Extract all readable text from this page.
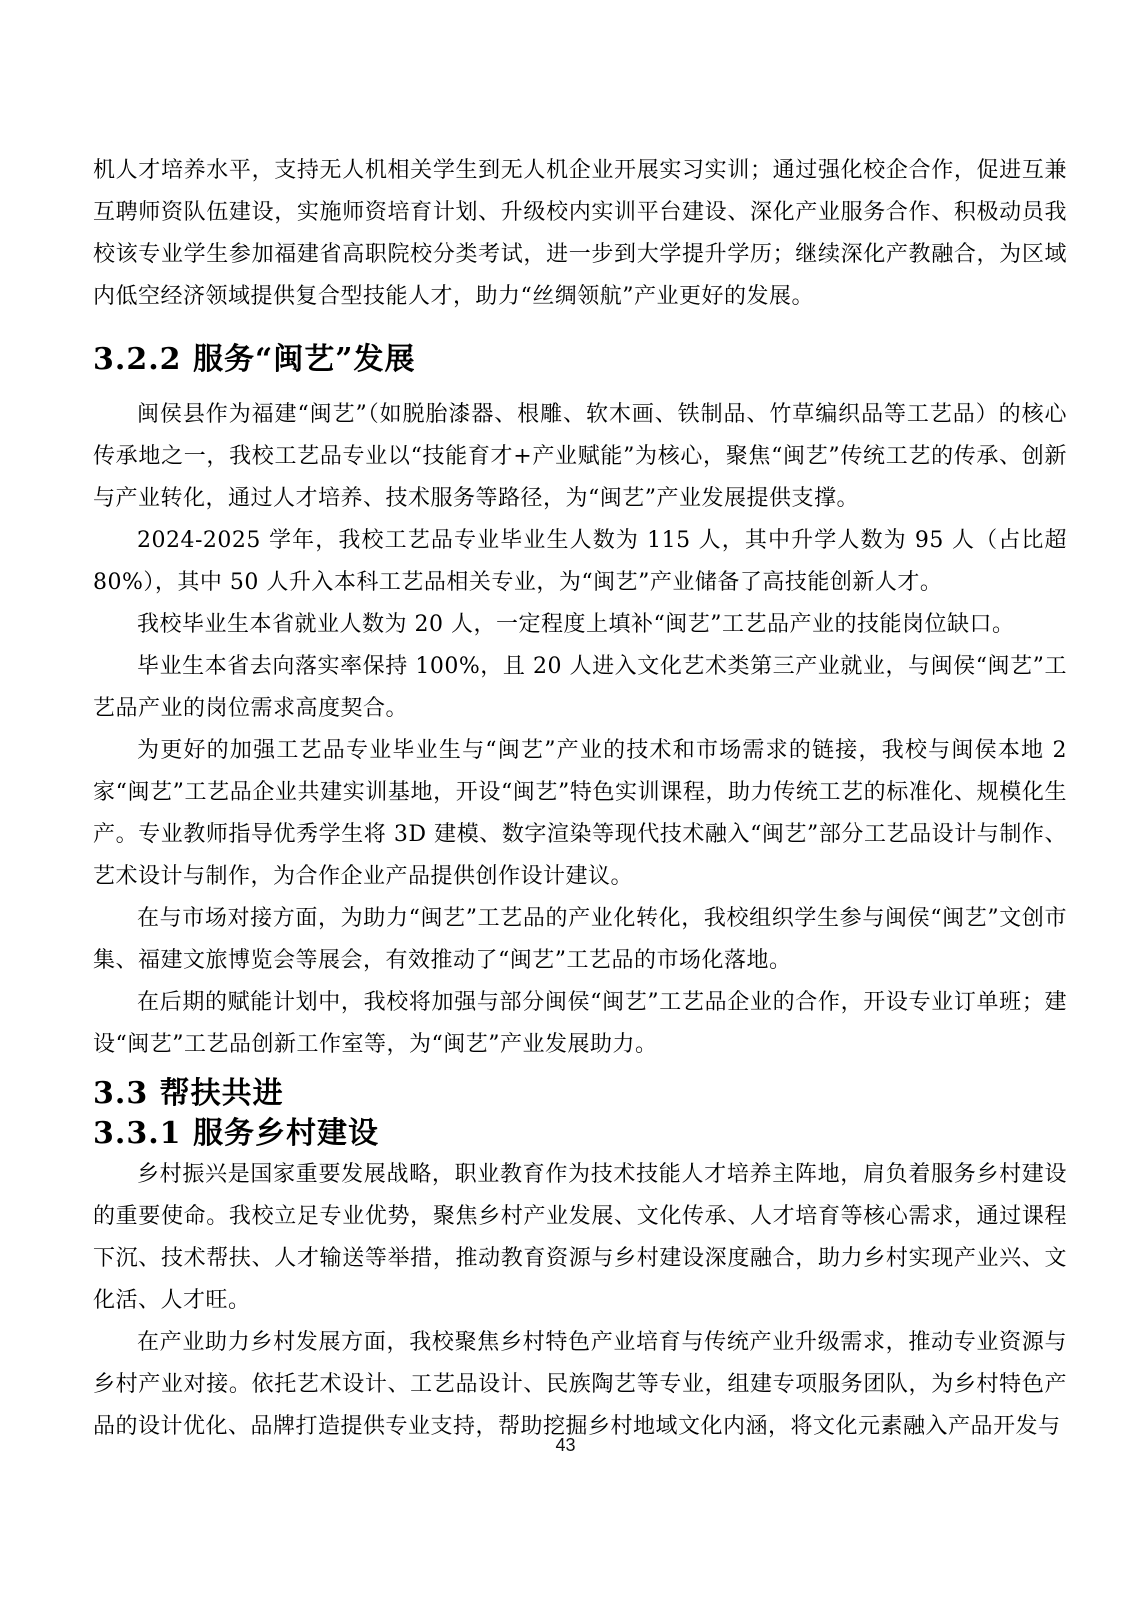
机人才培养水平，支持无人机相关学生到无人机企业开展实习实训；通过强化校企合作，促进互兼互聘师资队伍建设，实施师资培育计划、升级校内实训平台建设、深化产业服务合作、积极动员我校该专业学生参加福建省高职院校分类考试，进一步到大学提升学历；继续深化产教融合，为区域内低空经济领域提供复合型技能人才，助力“丝绸领航”产业更好的发展。

3.2.2 服务“闽艺”发展

闽侯县作为福建“闽艺”（如脱胎漆器、根雕、软木画、铁制品、竹草编织品等工艺品）的核心传承地之一，我校工艺品专业以“技能育才+产业赋能”为核心，聚焦“闽艺”传统工艺的传承、创新与产业转化，通过人才培养、技术服务等路径，为“闽艺”产业发展提供支撑。

2024-2025 学年，我校工艺品专业毕业生人数为 115 人，其中升学人数为 95 人（占比超 80%），其中 50 人升入本科工艺品相关专业，为“闽艺”产业储备了高技能创新人才。

我校毕业生本省就业人数为 20 人，一定程度上填补“闽艺”工艺品产业的技能岗位缺口。

毕业生本省去向落实率保持 100%，且 20 人进入文化艺术类第三产业就业，与闽侯“闽艺”工艺品产业的岗位需求高度契合。

为更好的加强工艺品专业毕业生与“闽艺”产业的技术和市场需求的链接，我校与闽侯本地 2 家“闽艺”工艺品企业共建实训基地，开设“闽艺”特色实训课程，助力传统工艺的标准化、规模化生产。专业教师指导优秀学生将 3D 建模、数字渲染等现代技术融入“闽艺”部分工艺品设计与制作、艺术设计与制作，为合作企业产品提供创作设计建议。

在与市场对接方面，为助力“闽艺”工艺品的产业化转化，我校组织学生参与闽侯“闽艺”文创市集、福建文旅博览会等展会，有效推动了“闽艺”工艺品的市场化落地。

在后期的赋能计划中，我校将加强与部分闽侯“闽艺”工艺品企业的合作，开设专业订单班；建设“闽艺”工艺品创新工作室等，为“闽艺”产业发展助力。

3.3 帮扶共进
3.3.1 服务乡村建设

乡村振兴是国家重要发展战略，职业教育作为技术技能人才培养主阵地，肩负着服务乡村建设的重要使命。我校立足专业优势，聚焦乡村产业发展、文化传承、人才培育等核心需求，通过课程下沉、技术帮扶、人才输送等举措，推动教育资源与乡村建设深度融合，助力乡村实现产业兴、文化活、人才旺。

在产业助力乡村发展方面，我校聚焦乡村特色产业培育与传统产业升级需求，推动专业资源与乡村产业对接。依托艺术设计、工艺品设计、民族陶艺等专业，组建专项服务团队，为乡村特色产品的设计优化、品牌打造提供专业支持，帮助挖掘乡村地域文化内涵，将文化元素融入产品开发与

43
